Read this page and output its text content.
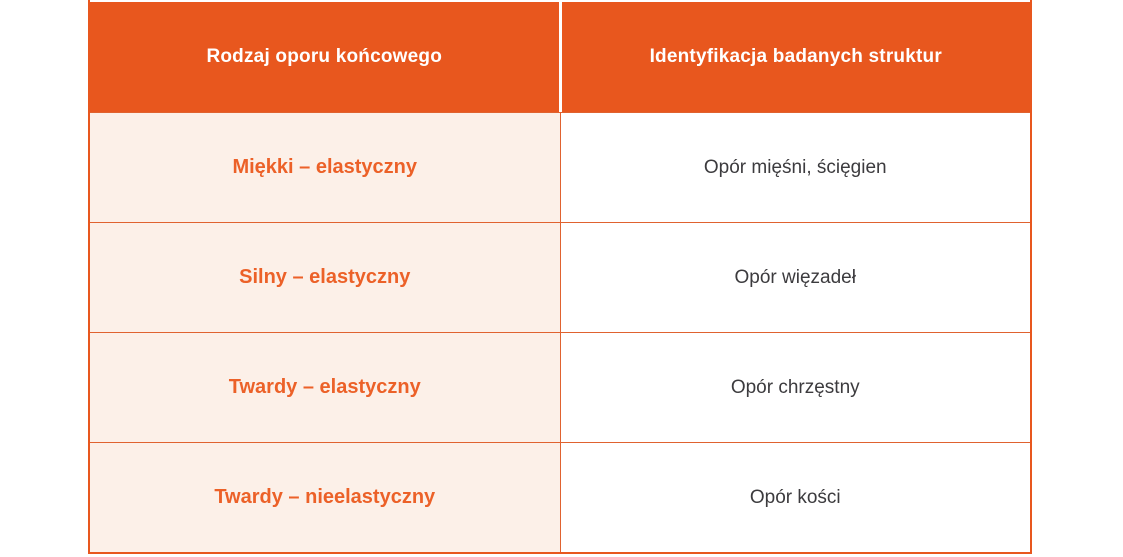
Rodzaj oporu końcowego	Identyfikacja badanych struktur
Miękki – elastyczny	Opór mięśni, ścięgien
Silny – elastyczny	Opór więzadeł
Twardy – elastyczny	Opór chrzęstny
Twardy – nieelastyczny	Opór kości
